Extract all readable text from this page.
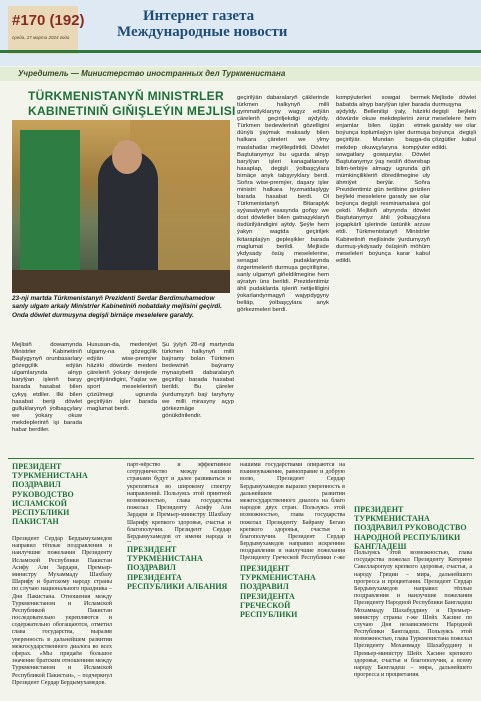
#170 (192)
среда, 27 марта 2024 года
Интернет газета
Международные новости
Учредитель — Министерство иностранных дел Туркменистана
TÜRKMENISTANYŇ MINISTRLER
KABINETINIŇ GIŇIŞLEÝIN MEJLISI
23-nji martda Türkmenistanyň Prezidenti Serdar Berdimuhamedow sanly ulgam arkaly Ministrler Kabinetiniň nobatdaky mejlisini geçirdi. Onda döwlet durmuşyna degişli birnäçe meselelere garaldy.
Mejlisiň dowamynda Ministrler Kabinetiniň Başlygynyň orunbasarlary gözegçilik edýän ulgamlarynda alnyp barylýan işleriň barşy barada hasabat bilen çykyş etdiler. Ilki bilen hasabat beriji döwlet gulluklarynyň ýolbaşçylary we ýokary okuw mekdepleriniň işi barada habar berdiler.
Hususan-da, medeniýet ulgamy-na gözegçilik edýän wise-premýer häzirki döwürde medeni çäreleriň ýokary derejede geçirilýändigini, Ýaşlar we sport meseleleriniň çözülmegi ugrunda geçirilýän işler barada maglumat berdi.
Şu ýylyň 28-nji martynda türkmen halkynyň milli baýramy bolan Türkmen bedewiniň baýramy mynasybetli dabaralaryň geçirilişi barada hasabat berildi. Bu çäreler ýurdumyzyň baý taryhyny we milli mirasyny açyp görkezmäge gönükdirilendir.
geçirilýän dabaralaryň çäklerinde türkmen halkynyň milli gymmatlyklaryny wagyz edýän çäreleriň geçiriljekdigi aýdyldy. Türkmen bedewleriniň gözelligini dünýä ýaýmak maksady bilen halkara çäreleri we ylmy maslahatlar meýilleşdirildi. Döwlet Baştutanymyz bu ugurda alnyp barylýan işleri kanagatlanarly hasaplap, degişli ýolbaşçylara birnäçe anyk tabşyryklary berdi. Soňra wise-premýer, daşary işler ministri halkara hyzmatdaşlygy barada hasabat berdi. Ol Türkmenistanyň Bitaraplyk syýasatynyň esasynda goňşy we dost döwletler bilen gatnaşyklaryň ösdürilýändigini aýtdy. Şeýle hem ýakyn wagtda geçiriljek ikitaraplaýyn gepleşikler barada maglumat berildi. Mejlisde ykdysady ösüş meselelerine, senagat pudaklarynda özgertmeleriň durmuşa geçirilişine, sanly ulgamyň giňeldilmegine hem aýratyn üns berildi. Prezidentimiz ähli pudaklarda işleriň netijeliligini ýokarlandyrmagyň wajypdygyny belläp, ýolbaşçylara anyk görkezmeleri berdi.
kompýuterleri sowgat bermek babatda alnyp barylýan işler barada aýdyldy. Bellenilişi ýaly, häzirki döwürde okuw mekdeplerini zerur enjamlar bilen üpjün etmek boýunça toplumlaýyn işler durmuşa geçirilýär. Mundan başga-da mekdep okuwçylaryna kompýuter sowgatlary gowşurylar. Döwlet Baştutanymyz ýaş nesliň döwrebap bilim-terbiýe almagy ugrunda giň mümkinçilikleriň döredilmegine uly ähmiýet berýär. Soňra Prezidentimiz gün tertibine girizilen beýleki meselelere garady we olar boýunça degişli resminamalara gol çekdi. Mejlisiň ahyrynda döwlet Baştutanymyz ähli ýolbaşçylara jogapkärli işlerinde üstünlik arzuw etdi. Türkmenistanyň Ministrler Kabinetiniň mejlisinde ýurdumyzyň durmuş-ykdysady ösüşiniň möhüm meseleleri boýunça karar kabul edildi.
Mejlisde döwlet durmuşyna degişli beýleki meselelere hem garaldy we olar boýunça degişli çözgütler kabul edildi.
ПРЕЗИДЕНТ ТУРКМЕНИСТАНА ПОЗДРАВИЛ РУКОВОДСТВО ИСЛАМСКОЙ РЕСПУБЛИКИ ПАКИСТАН
Президент Сердар Бердымухамедов направил тёплые поздравления и наилучшие пожелания Президенту Исламской Республики Пакистан Асифу Али Зардари, Премьер-министру Мухаммаду Шахбазу Шарифу и братскому народу страны по случаю национального праздника – Дня Пакистана. Отношения между Туркменистаном и Исламской Республикой Пакистан последовательно укрепляются и содержательно обогащаются, отметил глава государства, выразив уверенность в дальнейшем развитии межгосударственного диалога во всех сферах. «Мы придаём большое значение братским отношениям между Туркменистаном и Исламской Республикой Пакистан», – подчеркнул Президент Сердар Бердымухамедов.
парт-нёрство и эффективное сотрудничество между нашими странами будут и далее развиваться и укрепляться во широкому спектру направлений. Пользуясь этой приятной возможностью, глава государства пожелал Президенту Асифу Али Зардари и Премьер-министру Шахбазу Шарифу крепкого здоровья, счастья и благополучия. Президент Сердар Бердымухамедов от имени народа и
ПРЕЗИДЕНТ ТУРКМЕНИСТАНА ПОЗДРАВИЛ ПРЕЗИДЕНТА РЕСПУБЛИКИ АЛБАНИЯ
нашими государствами опираются на взаимоуважение, равноправие и добрую волю, Президент Сердар Бердымухамедов выразил уверенность в дальнейшем развитии межгосударственного диалога на благо народов двух стран. Пользуясь этой возможностью, глава государства пожелал Президенту Байраму Бегаю крепкого здоровья, счастья и благополучия. Президент Сердар Бердымухамедов направил искренние поздравления и наилучшие пожелания Президенту Греческой Республики г-же
ПРЕЗИДЕНТ ТУРКМЕНИСТАНА ПОЗДРАВИЛ ПРЕЗИДЕНТА ГРЕЧЕСКОЙ РЕСПУБЛИКИ
ПРЕЗИДЕНТ ТУРКМЕНИСТАНА ПОЗДРАВИЛ РУКОВОДСТВО НАРОДНОЙ РЕСПУБЛИКИ БАНГЛАДЕШ
Пользуясь этой возможностью, глава государства пожелал Президенту Катерине Сакелларопулу крепкого здоровья, счастья, а народу Греции – мира, дальнейшего прогресса и процветания. Президент Сердар Бердымухамедов направил тёплые поздравления и наилучшие пожелания Президенту Народной Республики Бангладеш Мохаммаду Шахабуддину и Премьер-министру страны г-же Шейх Хасине по случаю Дня независимости Народной Республики Бангладеш. Пользуясь этой возможностью, глава Туркменистана пожелал Президенту Мохаммаду Шахабуддину и Премьер-министру Шейх Хасине крепкого здоровья, счастья и благополучия, а всему народу Бангладеш – мира, дальнейшего прогресса и процветания.
